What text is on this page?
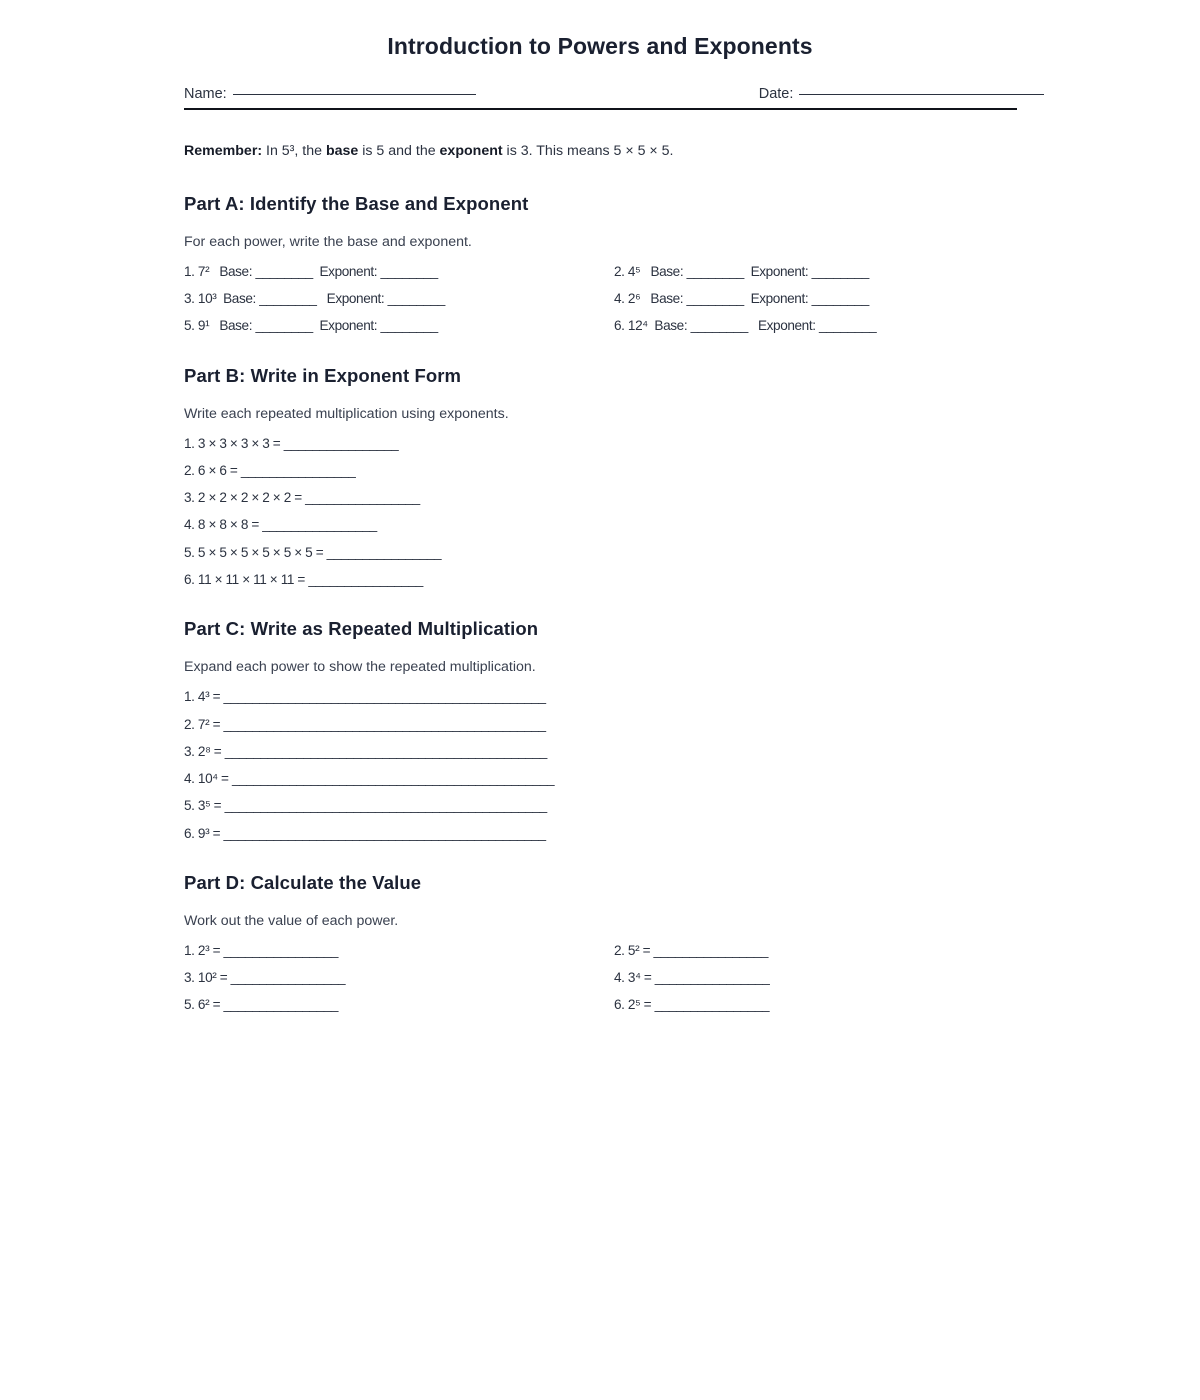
Introduction to Powers and Exponents
Name:	Date:

Remember: In 5³, the base is 5 and the exponent is 3. This means 5 × 5 × 5.

Part A: Identify the Base and Exponent

For each power, write the base and exponent.

1. 7²   Base: ________  Exponent: ________
3. 10³  Base: ________   Exponent: ________
5. 9¹   Base: ________  Exponent: ________
2. 4⁵   Base: ________  Exponent: ________
4. 2⁶   Base: ________  Exponent: ________
6. 12⁴  Base: ________   Exponent: ________
Part B: Write in Exponent Form

Write each repeated multiplication using exponents.

1. 3 × 3 × 3 × 3 = ________________
2. 6 × 6 = ________________
3. 2 × 2 × 2 × 2 × 2 = ________________
4. 8 × 8 × 8 = ________________
5. 5 × 5 × 5 × 5 × 5 × 5 = ________________
6. 11 × 11 × 11 × 11 = ________________
Part C: Write as Repeated Multiplication

Expand each power to show the repeated multiplication.

1. 4³ = _____________________________________________
2. 7² = _____________________________________________
3. 2⁸ = _____________________________________________
4. 10⁴ = _____________________________________________
5. 3⁵ = _____________________________________________
6. 9³ = _____________________________________________
Part D: Calculate the Value

Work out the value of each power.

1. 2³ = ________________
3. 10² = ________________
5. 6² = ________________
2. 5² = ________________
4. 3⁴ = ________________
6. 2⁵ = ________________
